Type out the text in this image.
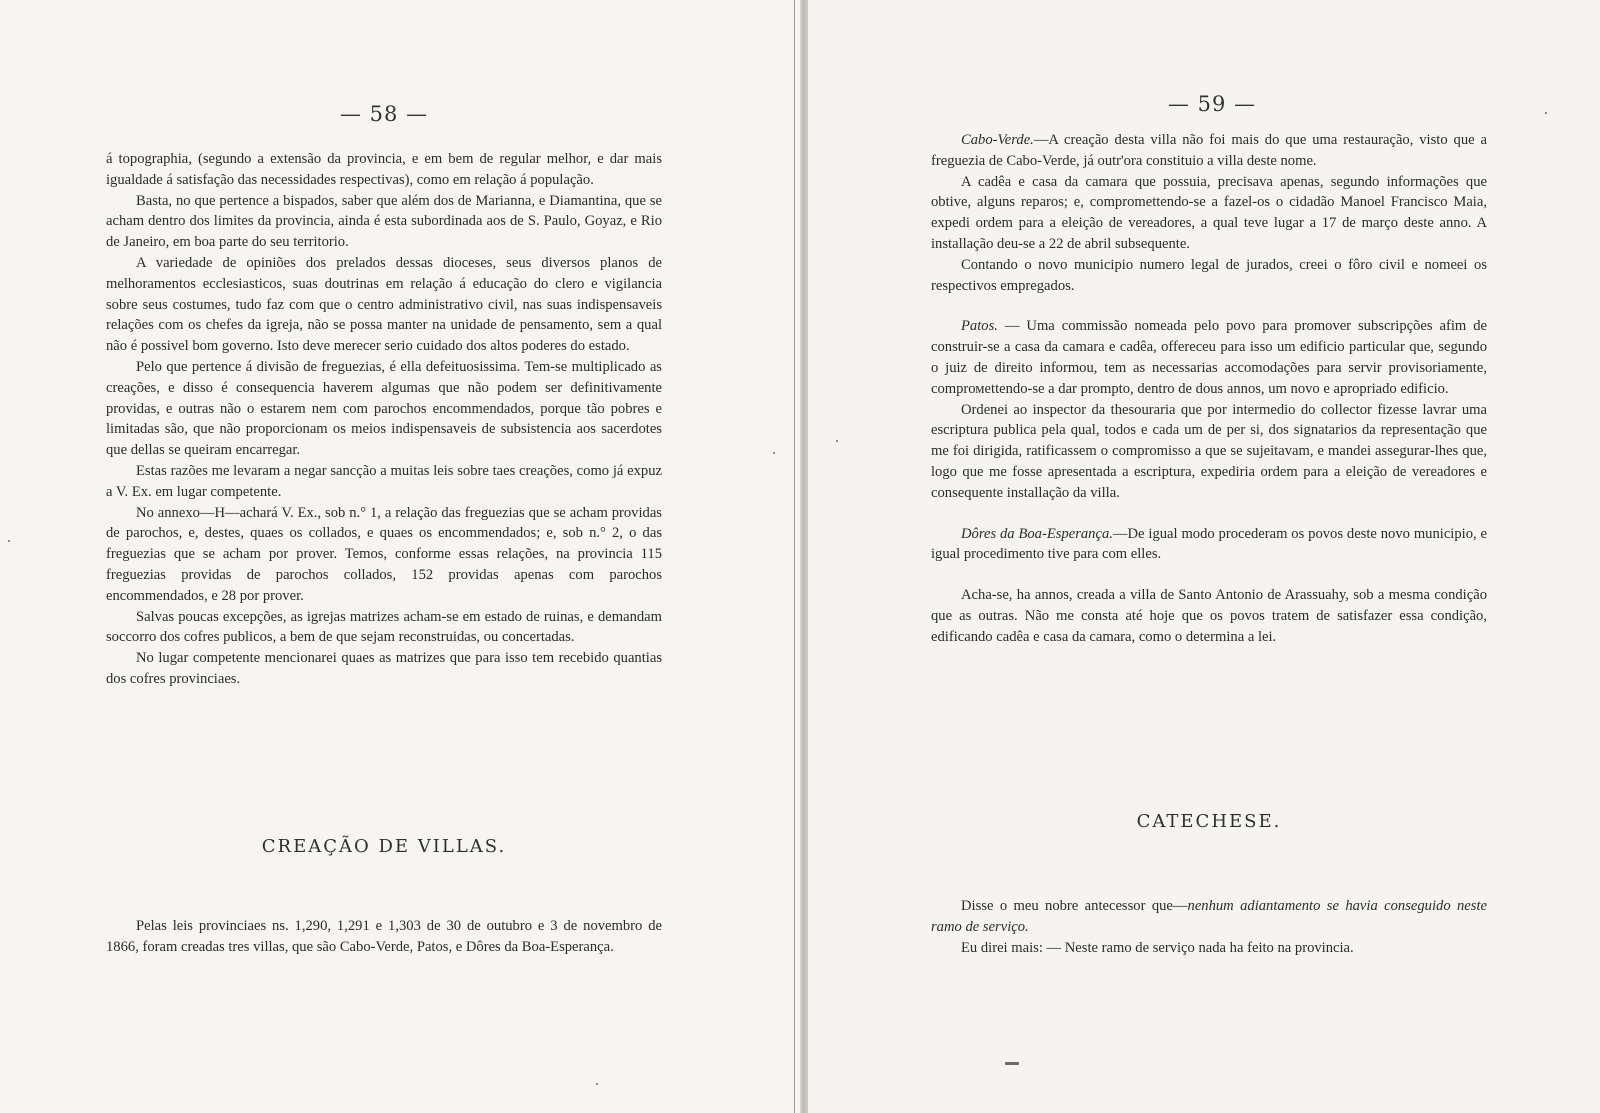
— 58 —

á topographia, (segundo a extensão da provincia, e em bem de regular melhor, e dar mais igualdade á satisfação das necessidades respectivas), como em relação á população.

Basta, no que pertence a bispados, saber que além dos de Marianna, e Diamantina, que se acham dentro dos limites da provincia, ainda é esta subordinada aos de S. Paulo, Goyaz, e Rio de Janeiro, em boa parte do seu territorio.

A variedade de opiniões dos prelados dessas dioceses, seus diversos planos de melhoramentos ecclesiasticos, suas doutrinas em relação á educação do clero e vigilancia sobre seus costumes, tudo faz com que o centro administrativo civil, nas suas indispensaveis relações com os chefes da igreja, não se possa manter na unidade de pensamento, sem a qual não é possivel bom governo. Isto deve merecer serio cuidado dos altos poderes do estado.

Pelo que pertence á divisão de freguezias, é ella defeituosissima. Tem-se multiplicado as creações, e disso é consequencia haverem algumas que não podem ser definitivamente providas, e outras não o estarem nem com parochos encommendados, porque tão pobres e limitadas são, que não proporcionam os meios indispensaveis de subsistencia aos sacerdotes que dellas se queiram encarregar.

Estas razões me levaram a negar sancção a muitas leis sobre taes creações, como já expuz a V. Ex. em lugar competente.

No annexo—H—achará V. Ex., sob n.° 1, a relação das freguezias que se acham providas de parochos, e, destes, quaes os collados, e quaes os encommendados; e, sob n.° 2, o das freguezias que se acham por prover. Temos, conforme essas relações, na provincia 115 freguezias providas de parochos collados, 152 providas apenas com parochos encommendados, e 28 por prover.

Salvas poucas excepções, as igrejas matrizes acham-se em estado de ruinas, e demandam soccorro dos cofres publicos, a bem de que sejam reconstruidas, ou concertadas.

No lugar competente mencionarei quaes as matrizes que para isso tem recebido quantias dos cofres provinciaes.

CREAÇÃO DE VILLAS.

Pelas leis provinciaes ns. 1,290, 1,291 e 1,303 de 30 de outubro e 3 de novembro de 1866, foram creadas tres villas, que são Cabo-Verde, Patos, e Dôres da Boa-Esperança.

— 59 —

Cabo-Verde.—A creação desta villa não foi mais do que uma restauração, visto que a freguezia de Cabo-Verde, já outr'ora constituio a villa deste nome.

A cadêa e casa da camara que possuia, precisava apenas, segundo informações que obtive, alguns reparos; e, compromettendo-se a fazel-os o cidadão Manoel Francisco Maia, expedi ordem para a eleição de vereadores, a qual teve lugar a 17 de março deste anno. A installação deu-se a 22 de abril subsequente.

Contando o novo municipio numero legal de jurados, creei o fôro civil e nomeei os respectivos empregados.

Patos. — Uma commissão nomeada pelo povo para promover subscripções afim de construir-se a casa da camara e cadêa, offereceu para isso um edificio particular que, segundo o juiz de direito informou, tem as necessarias accomodações para servir provisoriamente, comprомettendo-se a dar prompto, dentro de dous annos, um novo e apropriado edificio.

Ordenei ao inspector da thesouraria que por intermedio do collector fizesse lavrar uma escriptura publica pela qual, todos e cada um de per si, dos signatarios da representação que me foi dirigida, ratificassem o compromisso a que se sujeitavam, e mandei assegurar-lhes que, logo que me fosse apresentada a escriptura, expediria ordem para a eleição de vereadores e consequente installação da villa.

Dôres da Boa-Esperança.—De igual modo procederam os povos deste novo municipio, e igual procedimento tive para com elles.

Acha-se, ha annos, creada a villa de Santo Antonio de Arassuahy, sob a mesma condição que as outras. Não me consta até hoje que os povos tratem de satisfazer essa condição, edificando cadêa e casa da camara, como o determina a lei.

CATECHESE.

Disse o meu nobre antecessor que—nenhum adiantamento se havia conseguido neste ramo de serviço.

Eu direi mais: — Neste ramo de serviço nada ha feito na provincia.
